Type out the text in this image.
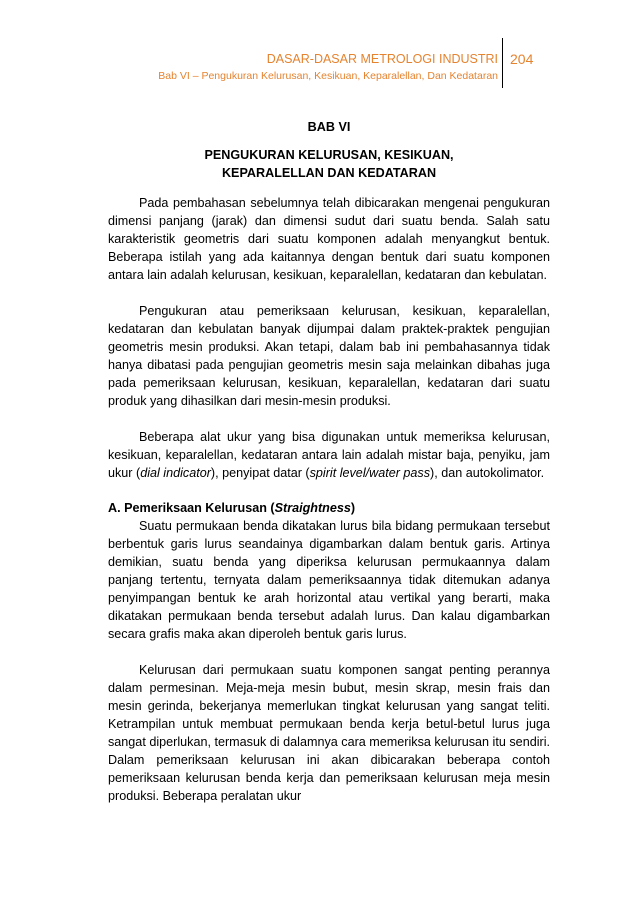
DASAR-DASAR METROLOGI INDUSTRI
Bab VI – Pengukuran Kelurusan, Kesikuan, Keparalellan, Dan Kedataran
204
BAB VI
PENGUKURAN KELURUSAN, KESIKUAN,
KEPARALELLAN DAN KEDATARAN

Pada pembahasan sebelumnya telah dibicarakan mengenai pengukuran dimensi panjang (jarak) dan dimensi sudut dari suatu benda. Salah satu karakteristik geometris dari suatu komponen adalah menyangkut bentuk. Beberapa istilah yang ada kaitannya dengan bentuk dari suatu komponen antara lain adalah kelurusan, kesikuan, keparalellan, kedataran dan kebulatan.

Pengukuran atau pemeriksaan kelurusan, kesikuan, keparalellan, kedataran dan kebulatan banyak dijumpai dalam praktek-praktek pengujian geometris mesin produksi. Akan tetapi, dalam bab ini pembahasannya tidak hanya dibatasi pada pengujian geometris mesin saja melainkan dibahas juga pada pemeriksaan kelurusan, kesikuan, keparalellan, kedataran dari suatu produk yang dihasilkan dari mesin-mesin produksi.

Beberapa alat ukur yang bisa digunakan untuk memeriksa kelurusan, kesikuan, keparalellan, kedataran antara lain adalah mistar baja, penyiku, jam ukur (dial indicator), penyipat datar (spirit level/water pass), dan autokolimator.

A. Pemeriksaan Kelurusan (Straightness)

Suatu permukaan benda dikatakan lurus bila bidang permukaan tersebut berbentuk garis lurus seandainya digambarkan dalam bentuk garis. Artinya demikian, suatu benda yang diperiksa kelurusan permukaannya dalam panjang tertentu, ternyata dalam pemeriksaannya tidak ditemukan adanya penyimpangan bentuk ke arah horizontal atau vertikal yang berarti, maka dikatakan permukaan benda tersebut adalah lurus. Dan kalau digambarkan secara grafis maka akan diperoleh bentuk garis lurus.

Kelurusan dari permukaan suatu komponen sangat penting perannya dalam permesinan. Meja-meja mesin bubut, mesin skrap, mesin frais dan mesin gerinda, bekerjanya memerlukan tingkat kelurusan yang sangat teliti. Ketrampilan untuk membuat permukaan benda kerja betul-betul lurus juga sangat diperlukan, termasuk di dalamnya cara memeriksa kelurusan itu sendiri. Dalam pemeriksaan kelurusan ini akan dibicarakan beberapa contoh pemeriksaan kelurusan benda kerja dan pemeriksaan kelurusan meja mesin produksi. Beberapa peralatan ukur
